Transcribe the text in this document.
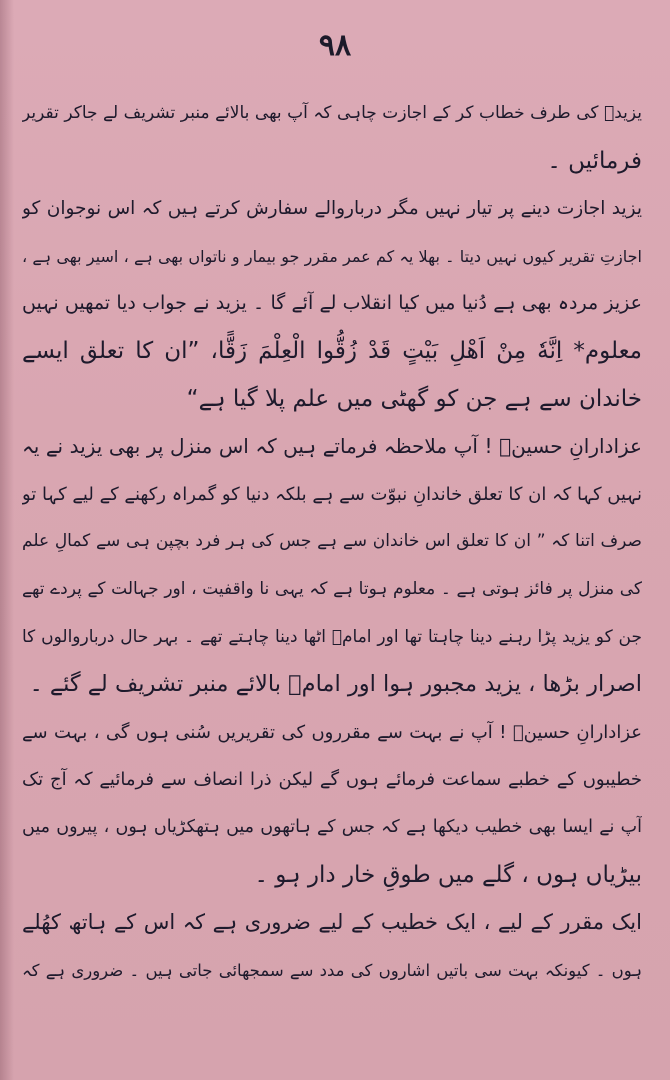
۹۸
یزیدؔ کی طرف خطاب کر کے اجازت چاہی کہ آپ بھی بالائے منبر تشریف لے جاکر تقریر
فرمائیں ۔
یزید اجازت دینے پر تیار نہیں مگر درباروالے سفارش کرتے ہیں کہ اس نوجوان کو
اجازتِ تقریر کیوں نہیں دیتا ۔ بھلا یہ کم عمر مقرر جو بیمار و ناتواں بھی ہے ، اسیر بھی ہے ،
عزیز مردہ بھی ہے دُنیا میں کیا انقلاب لے آئے گا ۔ یزید نے جواب دیا تمھیں نہیں
معلوم* اِنَّهٗ مِنْ اَهْلِ بَیْتٍ قَدْ زُقُّوا الْعِلْمَ زَقًّا، ”ان کا تعلق ایسے
خاندان سے ہے جن کو گھٹی میں علم پلا گیا ہے“
عزادارانِ حسینؑ ! آپ ملاحظہ فرماتے ہیں کہ اس منزل پر بھی یزید نے یہ
نہیں کہا کہ ان کا تعلق خاندانِ نبوّت سے ہے بلکہ دنیا کو گمراہ رکھنے کے لیے کہا تو
صرف اتنا کہ ” ان کا تعلق اس خاندان سے ہے جس کی ہر فرد بچپن ہی سے کمالِ علم
کی منزل پر فائز ہوتی ہے ۔ معلوم ہوتا ہے کہ یہی نا واقفیت ، اور جہالت کے پردے تھے
جن کو یزید پڑا رہنے دینا چاہتا تھا اور امامؑ اٹھا دینا چاہتے تھے ۔ بہر حال درباروالوں کا
اصرار بڑھا ، یزید مجبور ہوا اور امامؑ بالائے منبر تشریف لے گئے ۔
عزادارانِ حسینؑ ! آپ نے بہت سے مقرروں کی تقریریں سُنی ہوں گی ، بہت سے
خطیبوں کے خطبے سماعت فرمائے ہوں گے لیکن ذرا انصاف سے فرمائیے کہ آج تک
آپ نے ایسا بھی خطیب دیکھا ہے کہ جس کے ہاتھوں میں ہتھکڑیاں ہوں ، پیروں میں
بیڑیاں ہوں ، گلے میں طوقِ خار دار ہو ۔
ایک مقرر کے لیے ، ایک خطیب کے لیے ضروری ہے کہ اس کے ہاتھ کھُلے
ہوں ۔ کیونکہ بہت سی باتیں اشاروں کی مدد سے سمجھائی جاتی ہیں ۔ ضروری ہے کہ
